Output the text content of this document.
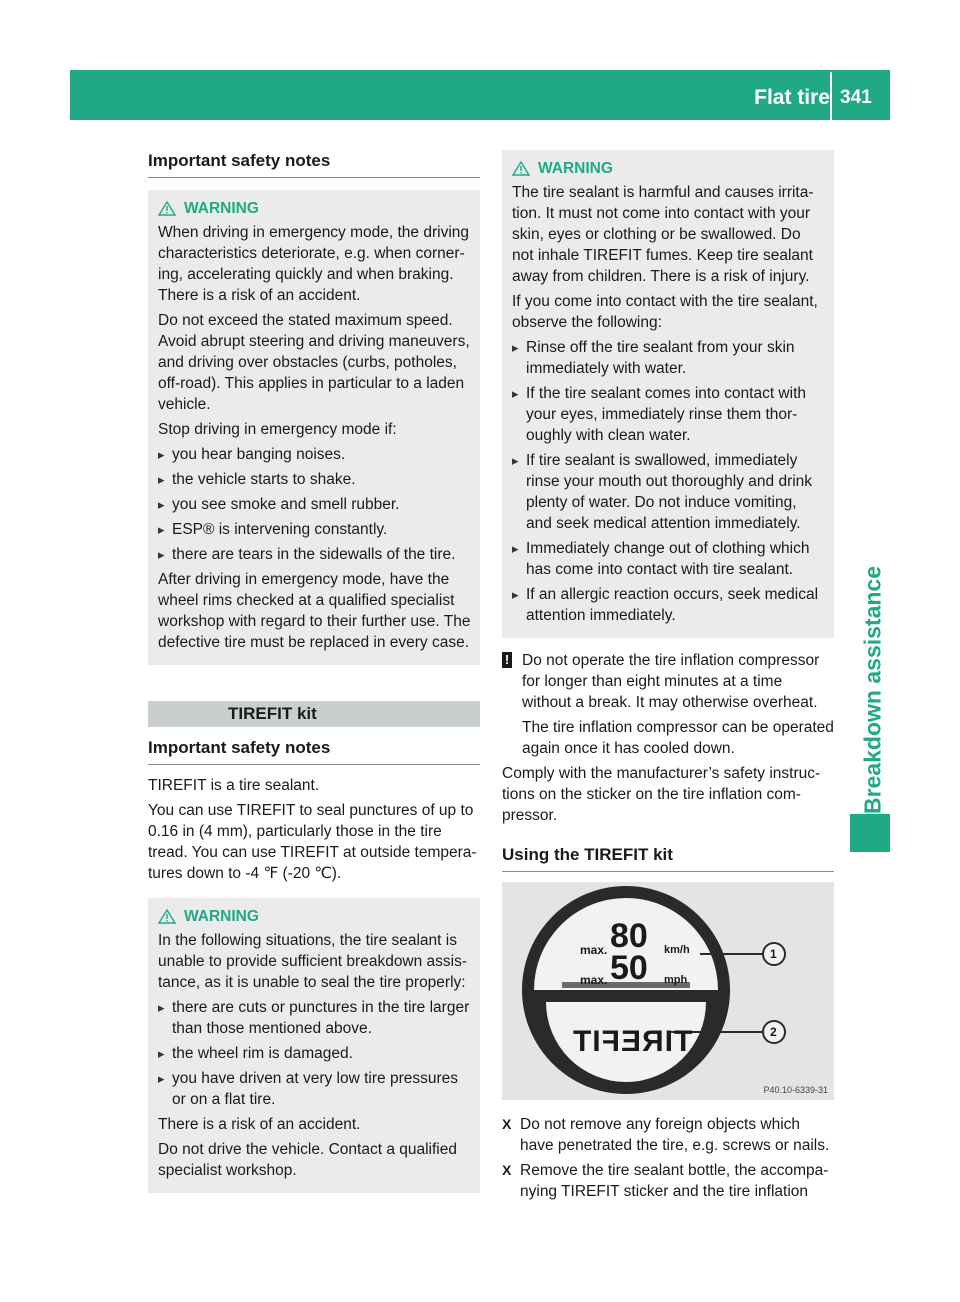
Flat tire 341
Breakdown assistance
Important safety notes
WARNING

When driving in emergency mode, the driving characteristics deteriorate, e.g. when corner-ing, accelerating quickly and when braking. There is a risk of an accident.

Do not exceed the stated maximum speed. Avoid abrupt steering and driving maneuvers, and driving over obstacles (curbs, potholes, off-road). This applies in particular to a laden vehicle.

Stop driving in emergency mode if:

▸ you hear banging noises.
▸ the vehicle starts to shake.
▸ you see smoke and smell rubber.
▸ ESP® is intervening constantly.
▸ there are tears in the sidewalls of the tire.

After driving in emergency mode, have the wheel rims checked at a qualified specialist workshop with regard to their further use. The defective tire must be replaced in every case.

TIREFIT kit
Important safety notes

TIREFIT is a tire sealant.

You can use TIREFIT to seal punctures of up to 0.16 in (4 mm), particularly those in the tire tread. You can use TIREFIT at outside tempera-tures down to -4 ℉ (-20 ℃).

WARNING

In the following situations, the tire sealant is unable to provide sufficient breakdown assis-tance, as it is unable to seal the tire properly:

▸ there are cuts or punctures in the tire larger than those mentioned above.
▸ the wheel rim is damaged.
▸ you have driven at very low tire pressures or on a flat tire.

There is a risk of an accident.

Do not drive the vehicle. Contact a qualified specialist workshop.

WARNING

The tire sealant is harmful and causes irrita-tion. It must not come into contact with your skin, eyes or clothing or be swallowed. Do not inhale TIREFIT fumes. Keep tire sealant away from children. There is a risk of injury.

If you come into contact with the tire sealant, observe the following:

▸ Rinse off the tire sealant from your skin immediately with water.
▸ If the tire sealant comes into contact with your eyes, immediately rinse them thor-oughly with clean water.
▸ If tire sealant is swallowed, immediately rinse your mouth out thoroughly and drink plenty of water. Do not induce vomiting, and seek medical attention immediately.
▸ Immediately change out of clothing which has come into contact with tire sealant.
▸ If an allergic reaction occurs, seek medical attention immediately.
! Do not operate the tire inflation compressor for longer than eight minutes at a time without a break. It may otherwise overheat.

The tire inflation compressor can be operated again once it has cooled down.

Comply with the manufacturer’s safety instruc-tions on the sticker on the tire inflation com-pressor.

Using the TIREFIT kit
max. 80 km/h
max. 50 mph
TIREFIT
1
2
P40.10-6339-31
X Do not remove any foreign objects which have penetrated the tire, e.g. screws or nails.
X Remove the tire sealant bottle, the accompa-nying TIREFIT sticker and the tire inflation
